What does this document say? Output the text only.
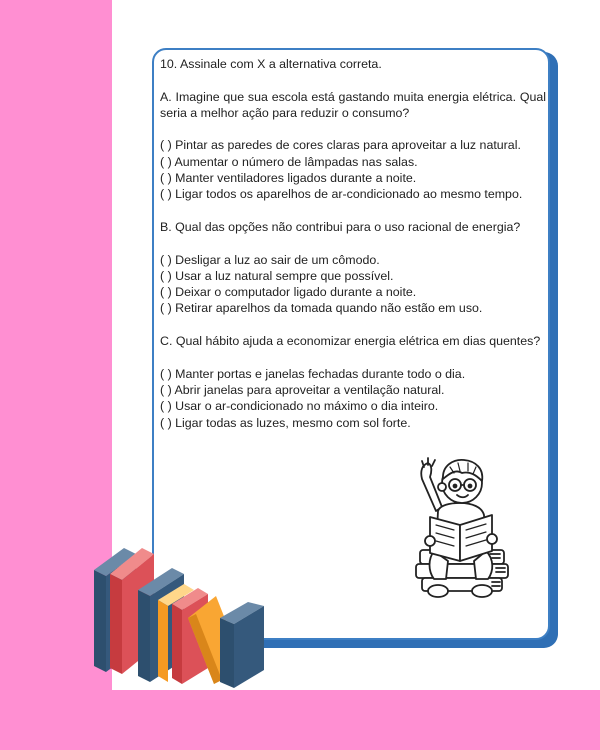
10. Assinale com X a alternativa correta.

A. Imagine que sua escola está gastando muita energia elétrica. Qual seria a melhor ação para reduzir o consumo?

( ) Pintar as paredes de cores claras para aproveitar a luz natural.

( ) Aumentar o número de lâmpadas nas salas.

( ) Manter ventiladores ligados durante a noite.

( ) Ligar todos os aparelhos de ar-condicionado ao mesmo tempo.

B. Qual das opções não contribui para o uso racional de energia?

( ) Desligar a luz ao sair de um cômodo.

( ) Usar a luz natural sempre que possível.

( ) Deixar o computador ligado durante a noite.

( ) Retirar aparelhos da tomada quando não estão em uso.

C. Qual hábito ajuda a economizar energia elétrica em dias quentes?

( ) Manter portas e janelas fechadas durante todo o dia.

( ) Abrir janelas para aproveitar a ventilação natural.

( ) Usar o ar-condicionado no máximo o dia inteiro.

( ) Ligar todas as luzes, mesmo com sol forte.
